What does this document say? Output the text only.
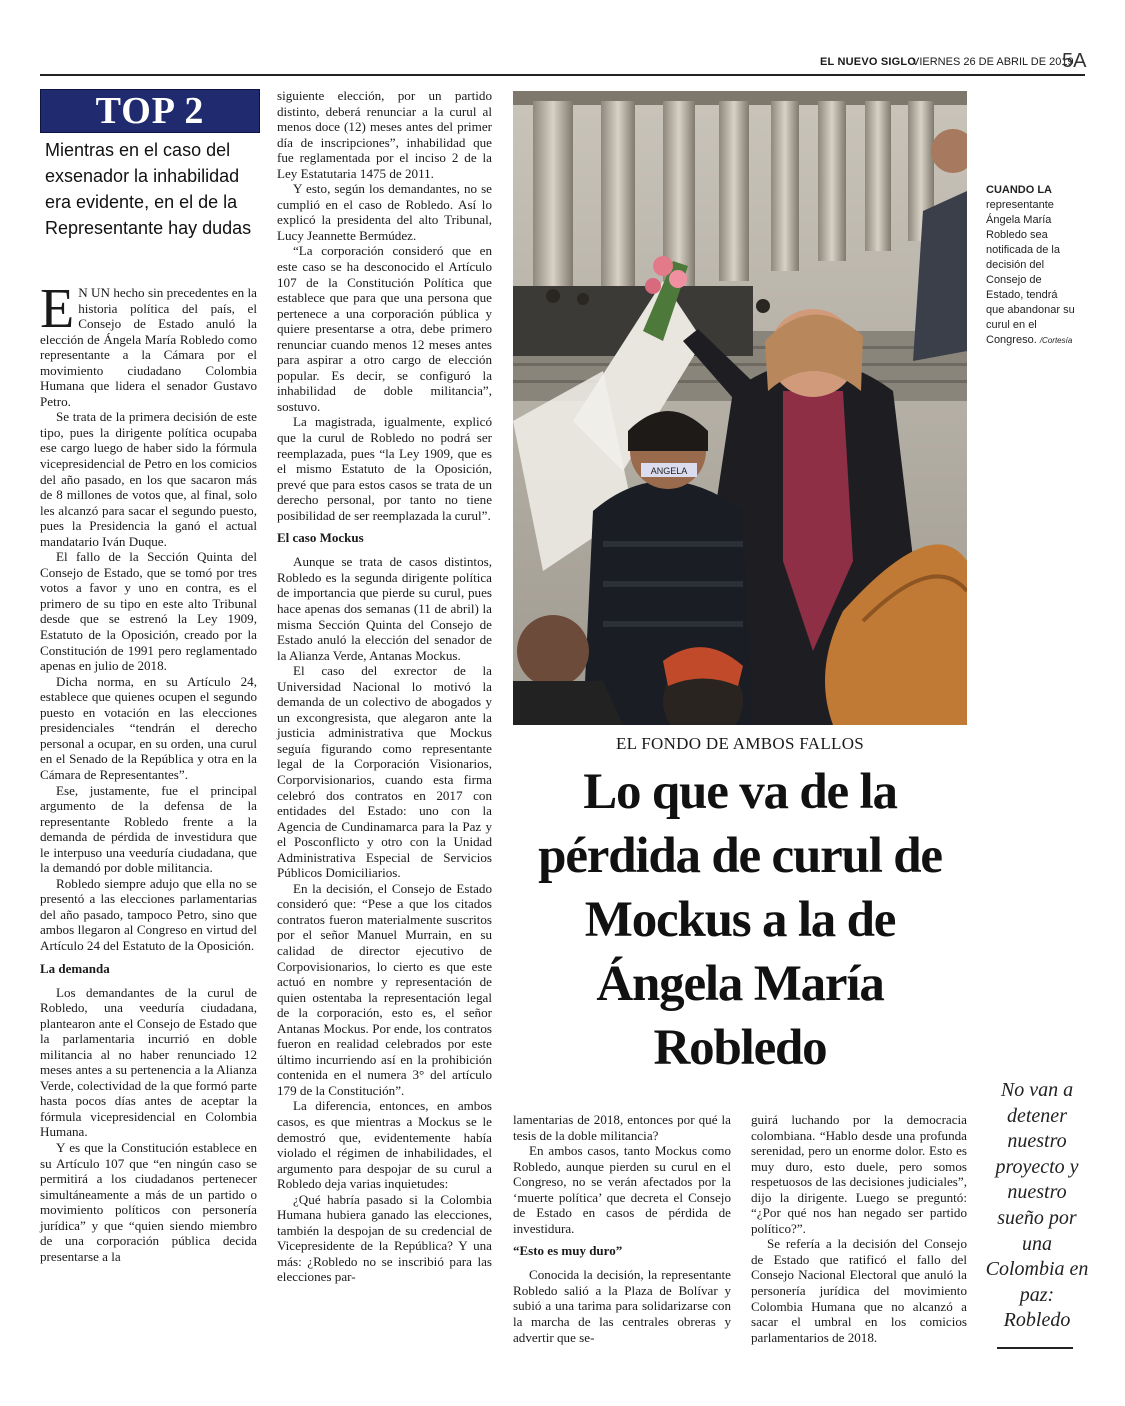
EL NUEVO SIGLO
VIERNES 26 DE ABRIL DE 2019
5A
TOP 2
Mientras en el caso del exsenador la inhabilidad era evidente, en el de la Representante hay dudas

E N UN hecho sin precedentes en la historia política del país, el Consejo de Estado anuló la elección de Ángela María Robledo como representante a la Cámara por el movimiento ciudadano Colombia Humana que lidera el senador Gustavo Petro.

Se trata de la primera decisión de este tipo, pues la dirigente política ocupaba ese cargo luego de haber sido la fórmula vicepresidencial de Petro en los comicios del año pasado, en los que sacaron más de 8 millones de votos que, al final, solo les alcanzó para sacar el segundo puesto, pues la Presidencia la ganó el actual mandatario Iván Duque.

El fallo de la Sección Quinta del Consejo de Estado, que se tomó por tres votos a favor y uno en contra, es el primero de su tipo en este alto Tribunal desde que se estrenó la Ley 1909, Estatuto de la Oposición, creado por la Constitución de 1991 pero reglamentado apenas en julio de 2018.

Dicha norma, en su Artículo 24, establece que quienes ocupen el segundo puesto en votación en las elecciones presidenciales “tendrán el derecho personal a ocupar, en su orden, una curul en el Senado de la República y otra en la Cámara de Representantes”.

Ese, justamente, fue el principal argumento de la defensa de la representante Robledo frente a la demanda de pérdida de investidura que le interpuso una veeduría ciudadana, que la demandó por doble militancia.

Robledo siempre adujo que ella no se presentó a las elecciones parlamentarias del año pasado, tampoco Petro, sino que ambos llegaron al Congreso en virtud del Artículo 24 del Estatuto de la Oposición.

La demanda

Los demandantes de la curul de Robledo, una veeduría ciudadana, plantearon ante el Consejo de Estado que la parlamentaria incurrió en doble militancia al no haber renunciado 12 meses antes a su pertenencia a la Alianza Verde, colectividad de la que formó parte hasta pocos días antes de aceptar la fórmula vicepresidencial en Colombia Humana.

Y es que la Constitución establece en su Artículo 107 que “en ningún caso se permitirá a los ciudadanos pertenecer simultáneamente a más de un partido o movimiento políticos con personería jurídica” y que “quien siendo miembro de una corporación pública decida presentarse a la

siguiente elección, por un partido distinto, deberá renunciar a la curul al menos doce (12) meses antes del primer día de inscripciones”, inhabilidad que fue reglamentada por el inciso 2 de la Ley Estatutaria 1475 de 2011.

Y esto, según los demandantes, no se cumplió en el caso de Robledo. Así lo explicó la presidenta del alto Tribunal, Lucy Jeannette Bermúdez.

“La corporación consideró que en este caso se ha desconocido el Artículo 107 de la Constitución Política que establece que para que una persona que pertenece a una corporación pública y quiere presentarse a otra, debe primero renunciar cuando menos 12 meses antes para aspirar a otro cargo de elección popular. Es decir, se configuró la inhabilidad de doble militancia”, sostuvo.

La magistrada, igualmente, explicó que la curul de Robledo no podrá ser reemplazada, pues “la Ley 1909, que es el mismo Estatuto de la Oposición, prevé que para estos casos se trata de un derecho personal, por tanto no tiene posibilidad de ser reemplazada la curul”.

El caso Mockus

Aunque se trata de casos distintos, Robledo es la segunda dirigente política de importancia que pierde su curul, pues hace apenas dos semanas (11 de abril) la misma Sección Quinta del Consejo de Estado anuló la elección del senador de la Alianza Verde, Antanas Mockus.

El caso del exrector de la Universidad Nacional lo motivó la demanda de un colectivo de abogados y un excongresista, que alegaron ante la justicia administrativa que Mockus seguía figurando como representante legal de la Corporación Visionarios, Corporvisionarios, cuando esta firma celebró dos contratos en 2017 con entidades del Estado: uno con la Agencia de Cundinamarca para la Paz y el Posconflicto y otro con la Unidad Administrativa Especial de Servicios Públicos Domiciliarios.

En la decisión, el Consejo de Estado consideró que: “Pese a que los citados contratos fueron materialmente suscritos por el señor Manuel Murrain, en su calidad de director ejecutivo de Corpovisionarios, lo cierto es que este actuó en nombre y representación de quien ostentaba la representación legal de la corporación, esto es, el señor Antanas Mockus. Por ende, los contratos fueron en realidad celebrados por este último incurriendo así en la prohibición contenida en el numera 3° del artículo 179 de la Constitución”.

La diferencia, entonces, en ambos casos, es que mientras a Mockus se le demostró que, evidentemente había violado el régimen de inhabilidades, el argumento para despojar de su curul a Robledo deja varias inquietudes:

¿Qué habría pasado si la Colombia Humana hubiera ganado las elecciones, también la despojan de su credencial de Vicepresidente de la República? Y una más: ¿Robledo no se inscribió para las elecciones par-

ANGELA
CUANDO LA
representante Ángela María Robledo sea notificada de la decisión del Consejo de Estado, tendrá que abandonar su curul en el Congreso. /Cortesía
EL FONDO DE AMBOS FALLOS
Lo que va de la pérdida de curul de Mockus a la de Ángela María Robledo

lamentarias de 2018, entonces por qué la tesis de la doble militancia?

En ambos casos, tanto Mockus como Robledo, aunque pierden su curul en el Congreso, no se verán afectados por la ‘muerte política’ que decreta el Consejo de Estado en casos de pérdida de investidura.

“Esto es muy duro”

Conocida la decisión, la representante Robledo salió a la Plaza de Bolívar y subió a una tarima para solidarizarse con la marcha de las centrales obreras y advertir que se-

guirá luchando por la democracia colombiana. “Hablo desde una profunda serenidad, pero un enorme dolor. Esto es muy duro, esto duele, pero somos respetuosos de las decisiones judiciales”, dijo la dirigente. Luego se preguntó: “¿Por qué nos han negado ser partido político?”.

Se refería a la decisión del Consejo de Estado que ratificó el fallo del Consejo Nacional Electoral que anuló la personería jurídica del movimiento Colombia Humana que no alcanzó a sacar el umbral en los comicios parlamentarios de 2018.

No van a detener nuestro proyecto y nuestro sueño por una Colombia en paz: Robledo
